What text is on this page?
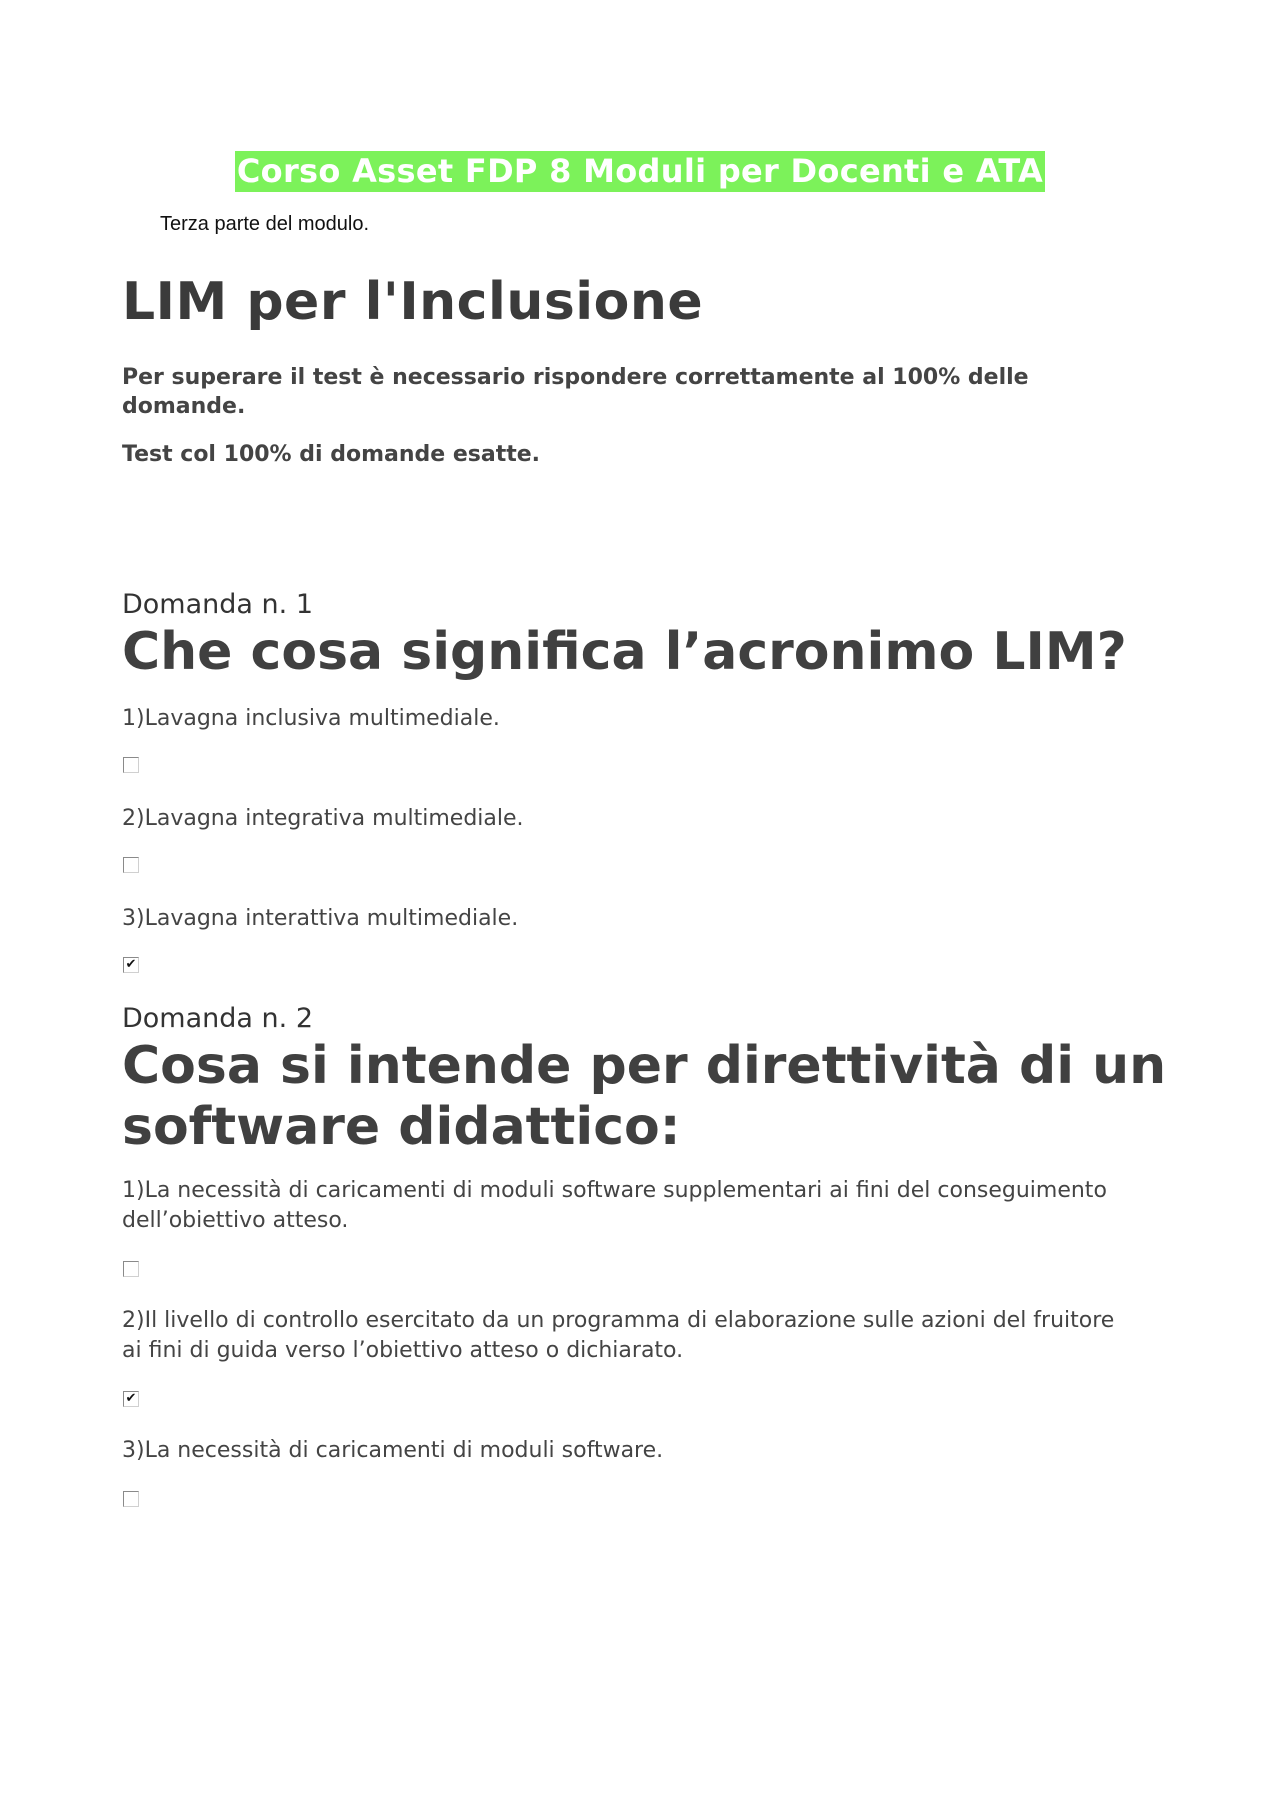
Corso Asset FDP 8 Moduli per Docenti e ATA
Terza parte del modulo.
LIM per l'Inclusione
Per superare il test è necessario rispondere correttamente al 100% delle domande.
Test col 100% di domande esatte.
Domanda n. 1
Che cosa significa l’acronimo LIM?
1)Lavagna inclusiva multimediale.
2)Lavagna integrativa multimediale.
3)Lavagna interattiva multimediale.
✔
Domanda n. 2
Cosa si intende per direttività di un software didattico:
1)La necessità di caricamenti di moduli software supplementari ai fini del conseguimento dell’obiettivo atteso.
2)Il livello di controllo esercitato da un programma di elaborazione sulle azioni del fruitore ai fini di guida verso l’obiettivo atteso o dichiarato.
✔
3)La necessità di caricamenti di moduli software.
